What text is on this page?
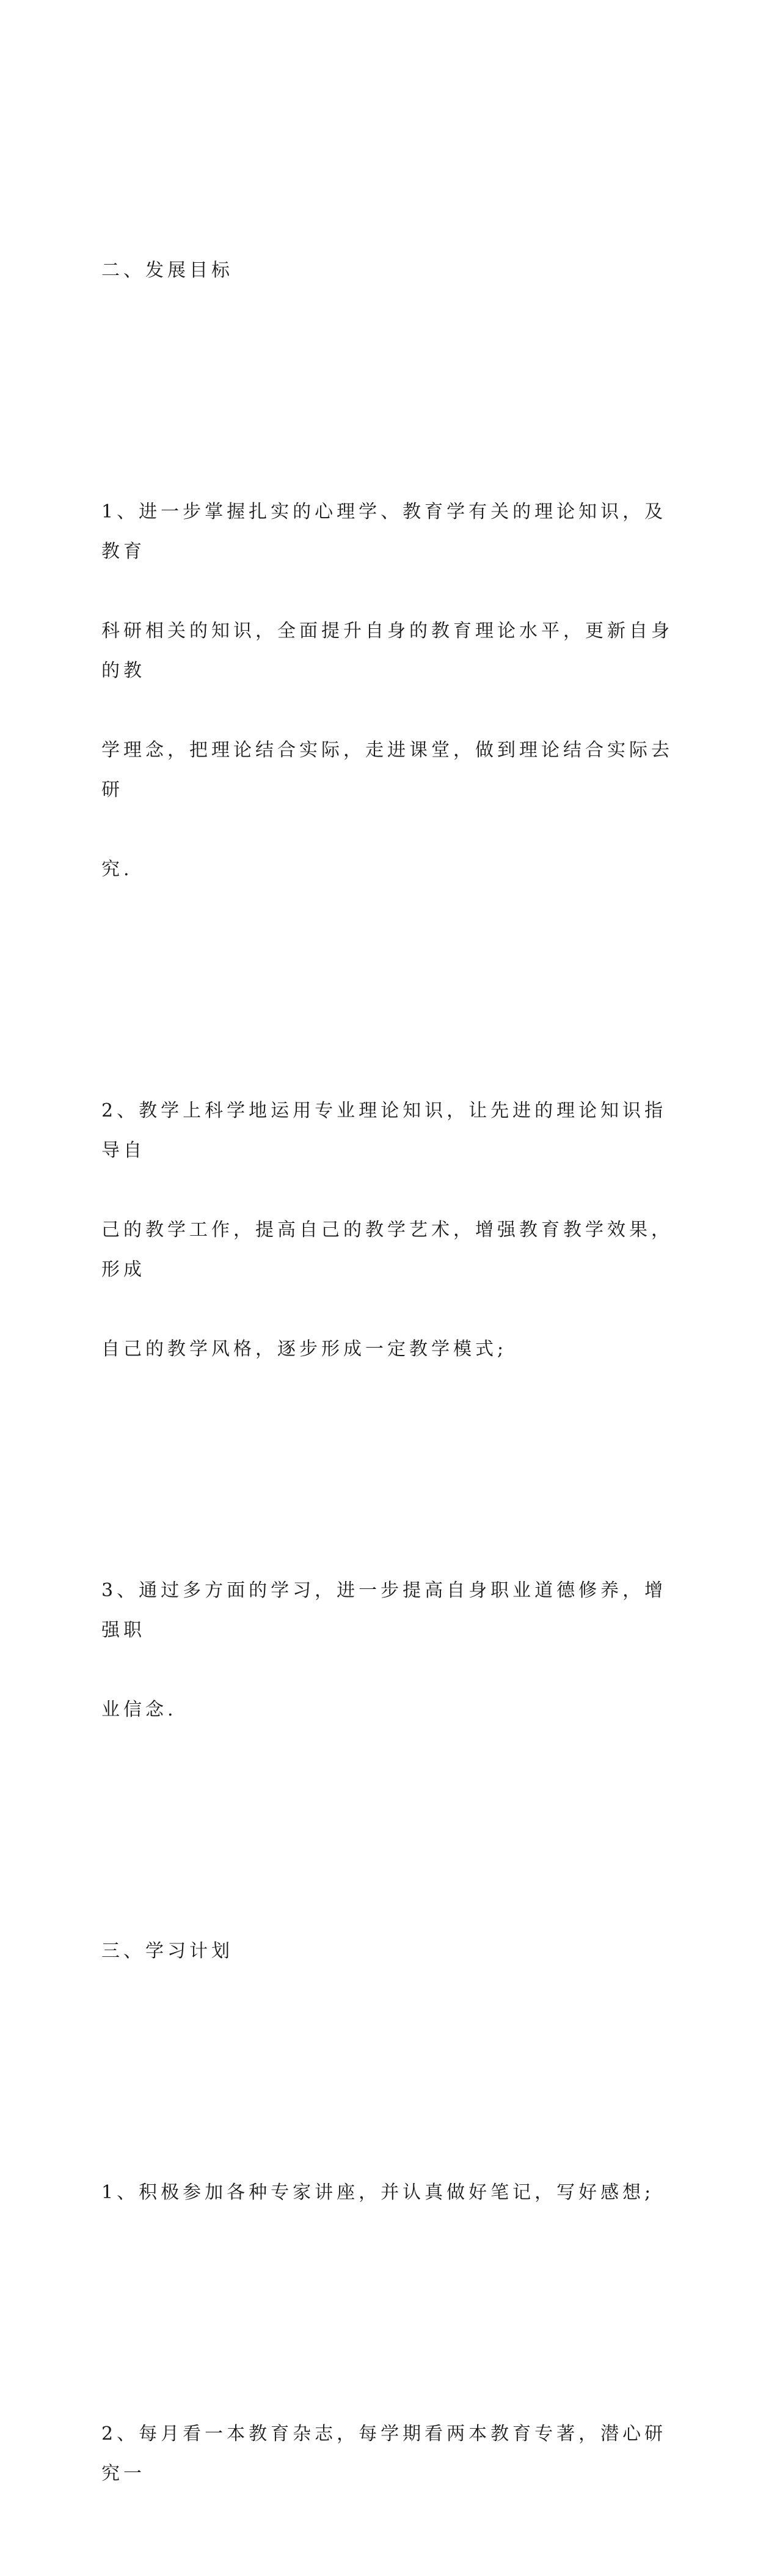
二、发展目标

1、进一步掌握扎实的心理学、教育学有关的理论知识，及教育

科研相关的知识，全面提升自身的教育理论水平，更新自身的教

学理念，把理论结合实际，走进课堂，做到理论结合实际去研

究.

2、教学上科学地运用专业理论知识，让先进的理论知识指导自

己的教学工作，提高自己的教学艺术，增强教育教学效果，形成

自己的教学风格，逐步形成一定教学模式;

3、通过多方面的学习，进一步提高自身职业道德修养，增强职

业信念.

三、学习计划

1、积极参加各种专家讲座，并认真做好笔记，写好感想;

2、每月看一本教育杂志，每学期看两本教育专著，潜心研究一
